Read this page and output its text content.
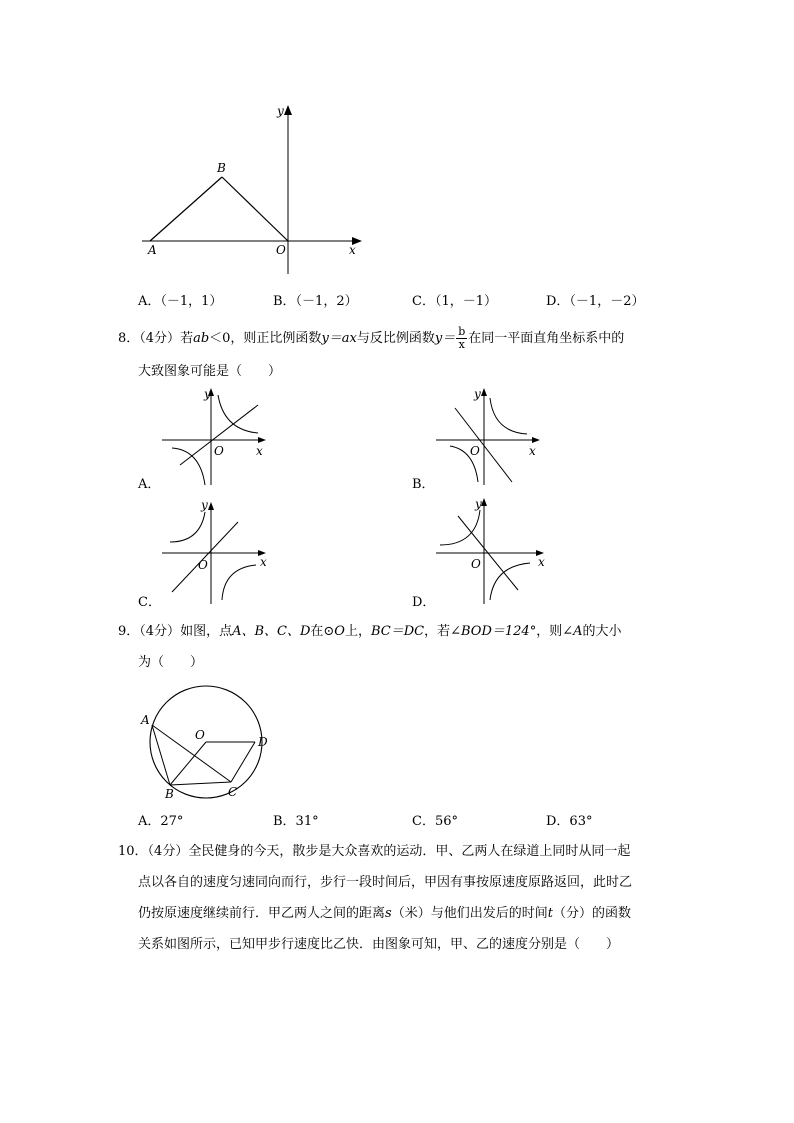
y
B
A	O	x
A．（－1，1）	B．（－1，2）	C．（1，－1）	D．（－1，－2）
8．（4分）若ab＜0，则正比例函数y＝ax与反比例函数$y= \frac{b}{x}$ 在同一平面直角坐标系中的
大致图象可能是（　　）
y
O	x
A．
y
O	x
B．
y
O	x
C．
y
O	x
D．
9．（4分）如图，点A、B、C、D在⊙O上，BC＝DC，若∠BOD＝124°，则∠A的大小
为（　　）
A
O	D
B	C
A．27°	B．31°	C．56°	D．63°
10．（4分）全民健身的今天，散步是大众喜欢的运动．甲、乙两人在绿道上同时从同一起
点以各自的速度匀速同向而行，步行一段时间后，甲因有事按原速度原路返回，此时乙
仍按原速度继续前行．甲乙两人之间的距离s（米）与他们出发后的时间t（分）的函数
关系如图所示，已知甲步行速度比乙快．由图象可知，甲、乙的速度分别是（　　）
